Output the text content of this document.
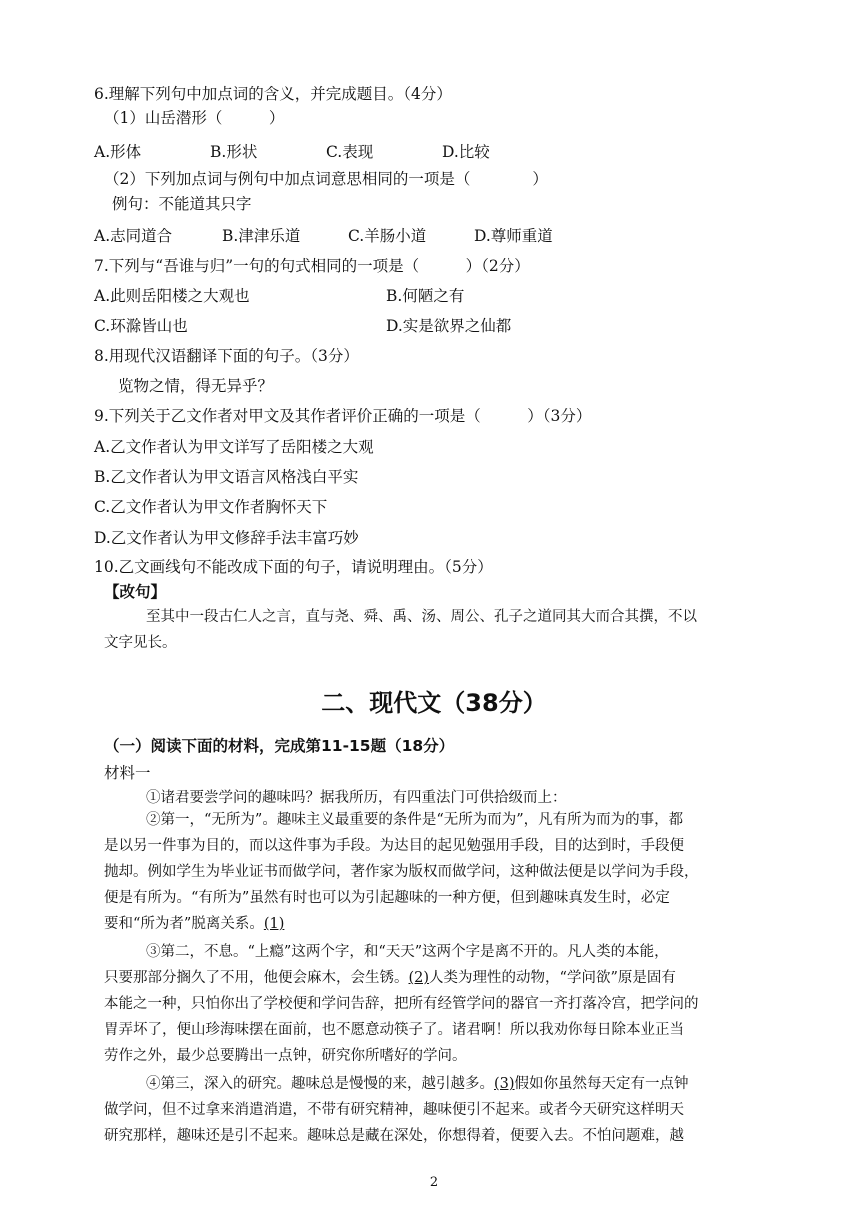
6.理解下列句中加点词的含义，并完成题目。（4分）
（1）山岳潜形（　　　）
A.形体	B.形状	C.表现	D.比较
（2）下列加点词与例句中加点词意思相同的一项是（　　　　）
例句：不能道其只字
A.志同道合	B.津津乐道	C.羊肠小道	D.尊师重道
7.下列与“吾谁与归”一句的句式相同的一项是（　　　）（2分）
A.此则岳阳楼之大观也	B.何陋之有
C.环滁皆山也	D.实是欲界之仙都
8.用现代汉语翻译下面的句子。（3分）
览物之情，得无异乎？
9.下列关于乙文作者对甲文及其作者评价正确的一项是（　　　）（3分）
A.乙文作者认为甲文详写了岳阳楼之大观
B.乙文作者认为甲文语言风格浅白平实
C.乙文作者认为甲文作者胸怀天下
D.乙文作者认为甲文修辞手法丰富巧妙
10.乙文画线句不能改成下面的句子，请说明理由。（5分）
【改句】
至其中一段古仁人之言，直与尧、舜、禹、汤、周公、孔子之道同其大而合其撰，不以
文字见长。
二、现代文（38分）
（一）阅读下面的材料，完成第11-15题（18分）
材料一
①诸君要尝学问的趣味吗？据我所历，有四重法门可供拾级而上：
②第一，“无所为”。趣味主义最重要的条件是“无所为而为”，凡有所为而为的事，都
是以另一件事为目的，而以这件事为手段。为达目的起见勉强用手段，目的达到时，手段便
抛却。例如学生为毕业证书而做学问，著作家为版权而做学问，这种做法便是以学问为手段，
便是有所为。“有所为”虽然有时也可以为引起趣味的一种方便，但到趣味真发生时，必定
要和“所为者”脱离关系。(1)
③第二，不息。“上瘾”这两个字，和“天天”这两个字是离不开的。凡人类的本能，
只要那部分搁久了不用，他便会麻木，会生锈。(2)人类为理性的动物，“学问欲”原是固有
本能之一种，只怕你出了学校便和学问告辞，把所有经管学问的器官一齐打落冷宫，把学问的
胃弄坏了，便山珍海味摆在面前，也不愿意动筷子了。诸君啊！所以我劝你每日除本业正当
劳作之外，最少总要腾出一点钟，研究你所嗜好的学问。
④第三，深入的研究。趣味总是慢慢的来，越引越多。(3)假如你虽然每天定有一点钟
做学问，但不过拿来消遣消遣，不带有研究精神，趣味便引不起来。或者今天研究这样明天
研究那样，趣味还是引不起来。趣味总是藏在深处，你想得着，便要入去。不怕问题难，越
2
